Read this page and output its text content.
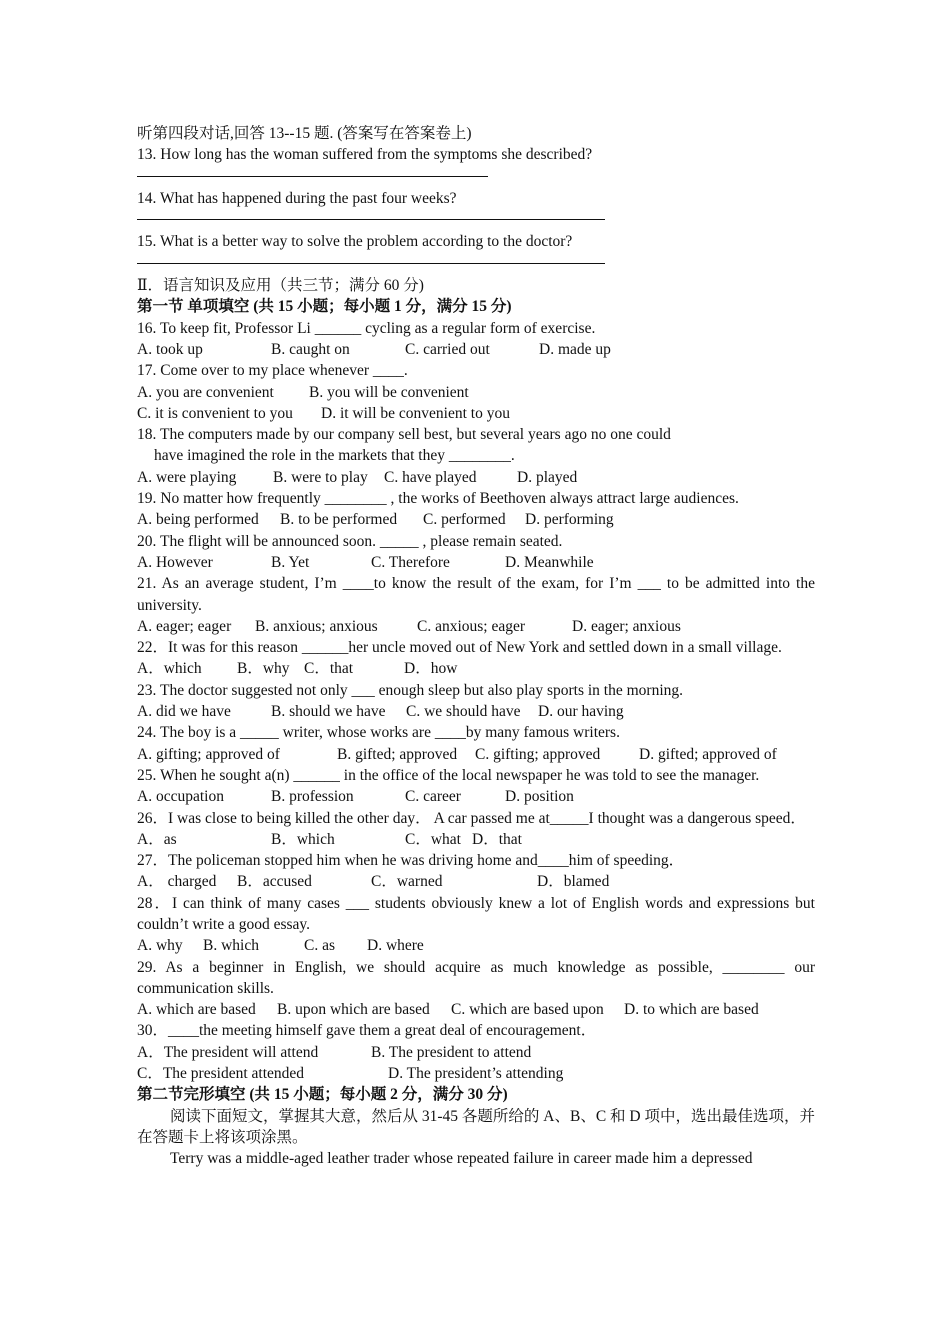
听第四段对话,回答 13--15 题. (答案写在答案卷上)
13. How long has the woman suffered from the symptoms she described?
14. What has happened during the past four weeks?
15. What is a better way to solve the problem according to the doctor?
Ⅱ．语言知识及应用（共三节；满分 60 分)
第一节 单项填空 (共 15 小题；每小题 1 分，满分 15 分)
16. To keep fit, Professor Li ______ cycling as a regular form of exercise.
A. took up	B. caught on	C. carried out	D. made up
17. Come over to my place whenever ____.
A. you are convenient	B. you will be convenient
C. it is convenient to you	D. it will be convenient to you
18. The computers made by our company sell best, but several years ago no one could
have imagined the role in the markets that they ________.
A. were playing	B. were to play	C. have played	D. played
19. No matter how frequently ________ , the works of Beethoven always attract large audiences.
A. being performed	B. to be performed	C. performed	D. performing
20. The flight will be announced soon. _____ , please remain seated.
A. However	B. Yet	C. Therefore	D. Meanwhile
21. As an average student, I’m ____to know the result of the exam, for I’m ___ to be admitted into the university.
A. eager; eager	B. anxious; anxious	C. anxious; eager	D. eager; anxious
22．It was for this reason ______her uncle moved out of New York and settled down in a small village.
A．which	B．why C．that	D．how
23. The doctor suggested not only ___ enough sleep but also play sports in the morning.
A. did we have	B. should we have	C. we should have	D. our having
24. The boy is a _____ writer, whose works are ____by many famous writers.
A. gifting; approved of	B. gifted; approved	C. gifting; approved	D. gifted; approved of
25. When he sought a(n) ______ in the office of the local newspaper he was told to see the manager.
A. occupation	B. profession	C. career	D. position
26．I was close to being killed the other day． A car passed me at_____I thought was a dangerous speed．
A．as	B．which	C．what D．that
27．The policeman stopped him when he was driving home and____him of speeding．
A． charged	B．accused	C．warned	D．blamed
28．I can think of many cases ___ students obviously knew a lot of English words and expressions but couldn’t write a good essay.
A. why	B. which	C. as	D. where
29. As a beginner in English, we should acquire as much knowledge as possible, ________ our communication skills.
A. which are based	B. upon which are based	C. which are based upon	D. to which are based
30．____the meeting himself gave them a great deal of encouragement．
A．The president will attend	B. The president to attend
C．The president attended	D. The president’s attending
第二节完形填空 (共 15 小题；每小题 2 分，满分 30 分)
阅读下面短文，掌握其大意，然后从 31-45 各题所给的 A、B、C 和 D 项中，选出最佳选项，并在答题卡上将该项涂黑。
Terry was a middle-aged leather trader whose repeated failure in career made him a depressed
